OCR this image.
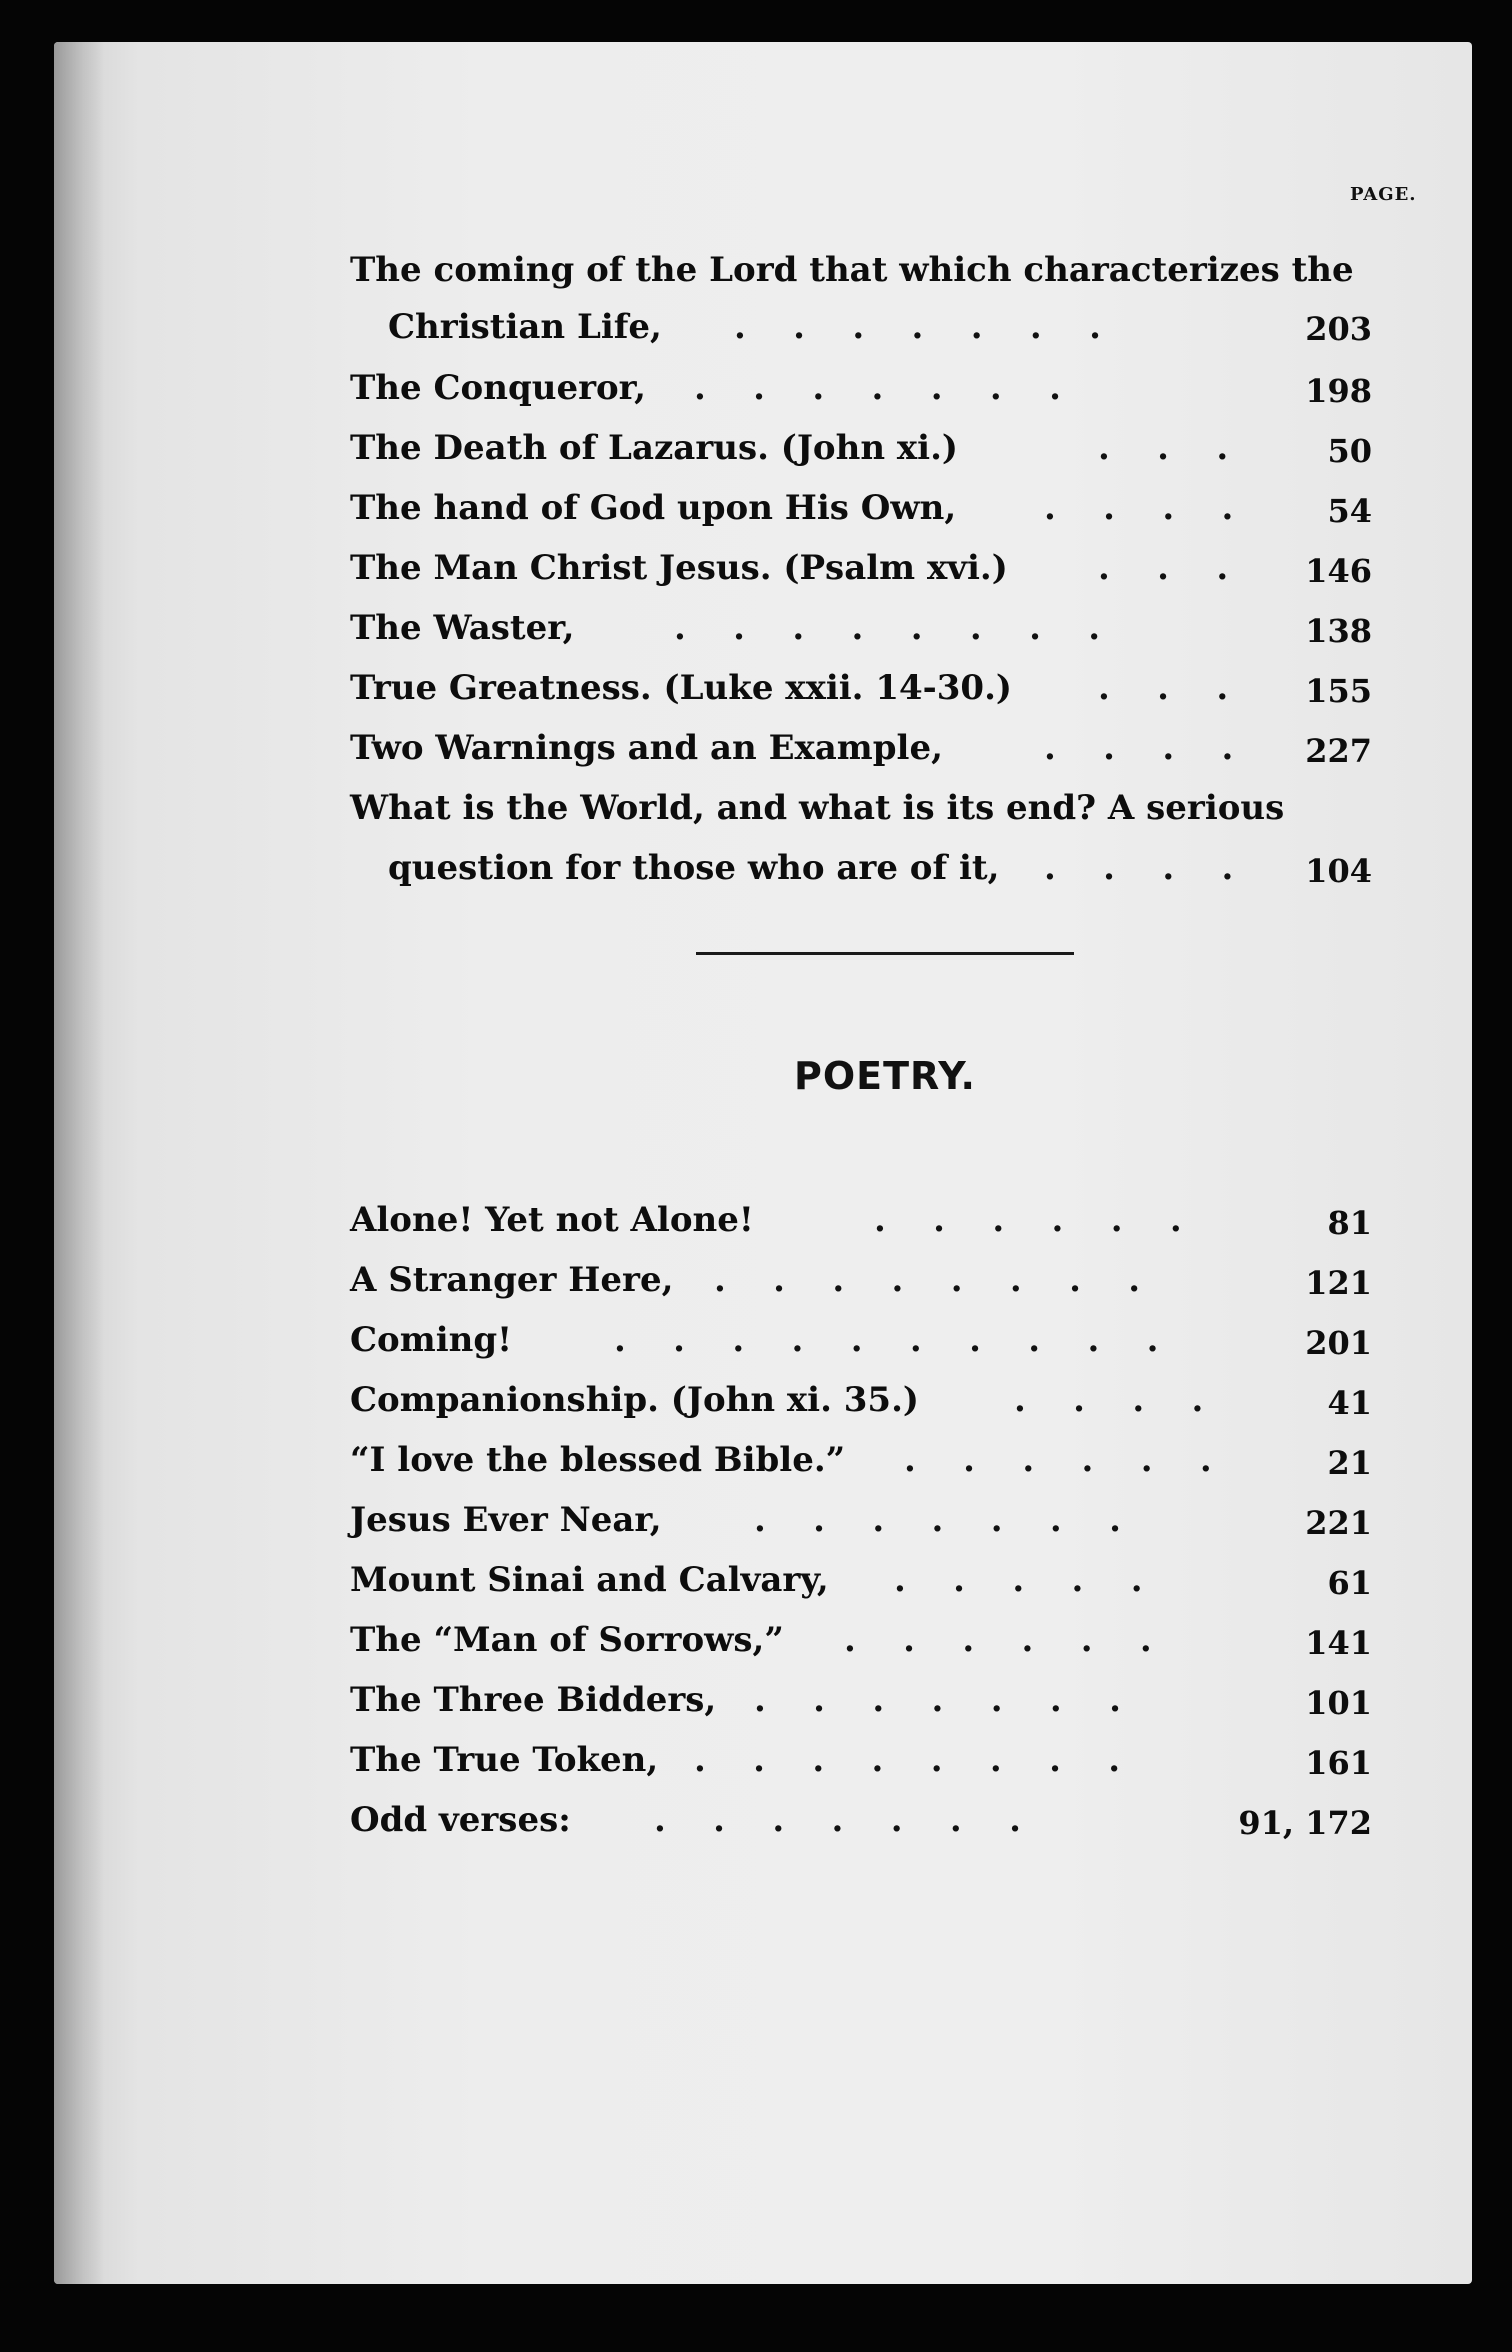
PAGE.
The coming of the Lord that which characterizes the
Christian Life, .    .    .    .    .    .    .	203
The Conqueror, .    .    .    .    .    .    .	198
The Death of Lazarus. (John xi.)	.    .    .	50
The hand of God upon His Own,	.    .    .    .	54
The Man Christ Jesus. (Psalm xvi.)	.    .    .	146
The Waster,	.    .    .    .    .    .    .    .	138
True Greatness. (Luke xxii. 14-30.)	.    .    .	155
Two Warnings and an Example,	.    .    .    .	227
What is the World, and what is its end? A serious
question for those who are of it, .    .    .    .	104
POETRY.
Alone! Yet not Alone!	.    .    .    .    .    .	81
A Stranger Here, .    .    .    .    .    .    .    .	121
Coming!	.    .    .    .    .    .    .    .    .    .	201
Companionship. (John xi. 35.)	.    .    .    .	41
“I love the blessed Bible.” .    .    .    .    .    .	21
Jesus Ever Near,	.    .    .    .    .    .    .	221
Mount Sinai and Calvary, .    .    .    .    .	61
The “Man of Sorrows,” .    .    .    .    .    .	141
The Three Bidders, .    .    .    .    .    .    .	101
The True Token, .    .    .    .    .    .    .    .	161
Odd verses: .    .    .    .    .    .    .	91, 172
